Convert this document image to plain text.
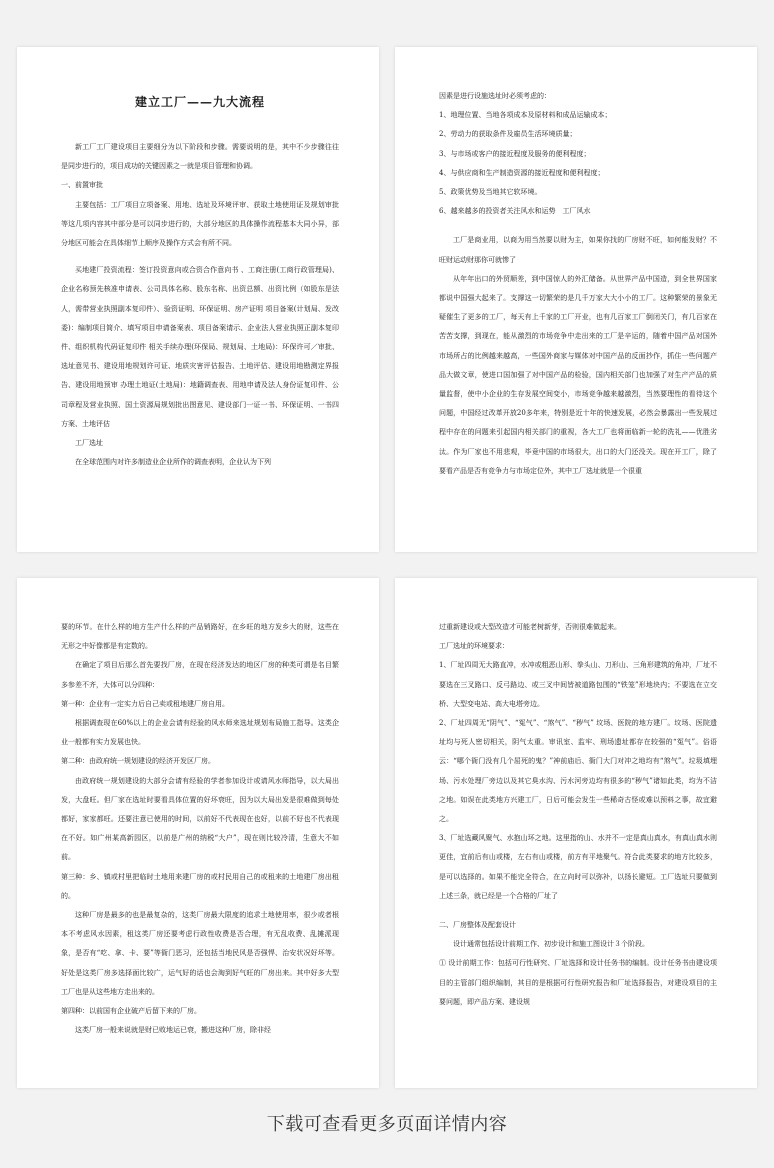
建立工厂——九大流程

新工厂工厂建设项目主要细分为以下阶段和步骤。需要说明的是，其中不少步骤往往是同步进行的，项目成功的关键因素之一就是项目管理和协调。

一、前置审批

主要包括：工厂项目立项备案、用地、选址及环境评审、获取土地使用证及规划审批等这几项内容其中部分是可以同步进行的，大部分地区的具体操作流程基本大同小异，部分地区可能会在具体细节上顺序及操作方式会有所不同。

买地建厂投资流程：签订投资意向或合资合作意向书 、工商注册(工商行政管理局)、企业名称预先核准申请表、公司具体名称、股东名称、出资总额、出资比例（如股东是法人，需带营业执照副本复印件）、验资证明、环保证明、房产证明 项目备案(计划局、发改委)：编制项目简介、填写项目申请备案表、项目备案请示、企业法人营业执照正副本复印件、组织机构代码证复印件 相关手续办理(环保局、规划局、土地局)：环保许可／审批、选址意见书、建设用地规划许可证、地质灾害评估报告、土地评估、建设用地勘测定界报告、建设用地预审 办理土地证(土地局)：地籍调查表、用地申请及法人身份证复印件、公司章程及营业执照、国土资源局规划批出图意见、建设部门一证一书、环保证明、一书四方案、土地评估

工厂选址

在全球范围内对许多制造业企业所作的调查表明，企业认为下列

因素是进行设施选址时必须考虑的：

1、地理位置、当地各项成本及原材料和成品运输成本；

2、劳动力的获取条件及雇员生活环境质量；

3、与市场或客户的接近程度及服务的便利程度；

4、与供应商和生产制造资源的接近程度和便利程度；

5、政策优势及当地其它软环境。

6、越来越多的投资者关注风水和运势　工厂风水

工厂是商业用，以商为用当然要以财为主，如果你找的厂房财不旺，如何能发财？不旺财运动财那你可就惨了

从年年出口的外贸顺差，到中国惊人的外汇储备。从世界产品中国造，到全世界国家都说中国强大起来了。支撑这一切繁荣的是几千万家大大小小的工厂。这种繁荣的景象无疑催生了更多的工厂，每天有上千家的工厂开业，也有几百家工厂倒闭关门，有几百家在苦苦支撑，到现在，能从激烈的市场竞争中走出来的工厂是辛运的，随着中国产品对国外市场所占的比例越来越高，一些国外商家与媒体对中国产品的反面抄作，抓住一些问题产品大做文章，使进口国加强了对中国产品的检验，国内相关部门也加强了对生产产品的质量监督，使中小企业的生存发展空间变小，市场竞争越来越激烈，当然要理性的看待这个问题，中国经过改革开放20多年来，特别是近十年的快速发展，必然会暴露出一些发展过程中存在的问题来引起国内相关部门的重视，各大工厂也将面临新一轮的洗礼——优胜劣汰。作为厂家也不用悲观，毕竟中国的市场很大，出口的大门还没关。现在开工厂，除了要看产品是否有竞争力与市场定位外，其中工厂选址就是一个很重

要的环节。在什么样的地方生产什么样的产品销路好，在乡旺的地方发乡大的财，这些在无形之中好像都是有定数的。

在确定了项目后那么首先要找厂房，在现在经济发达的地区厂房的种类可谓是名目繁多参差不齐，大体可以分四种：

第一种：企业有一定实力后自己卖或租地建厂房自用。

根据调查现在60%以上的企业会请有经验的风水师来选址规划布局施工指导。这类企业一般都有实力发展也快。

第二种：由政府统一规划建设的经济开发区厂房。

由政府统一规划建设的大部分会请有经验的学者参加设计或请风水师指导，以大局出发，大盘旺。但厂家在选址时要看具体位置的好坏衰旺，因为以大局出发是很难做到每处都好，家家都旺。还要注意已使用的时间，以前好不代表现在也好，以前不好也不代表现在不好。如广州某高新园区，以前是广州的纳税“大户”，现在则比较冷清，生意大不如前。

第三种：乡、镇或村里把临时土地用来建厂房的或村民用自己的或租来的土地建厂房出租的。

这种厂房是最多的也是最复杂的，这类厂房最大限度的追求土地使用率，很少或者根本不考虑风水因素，租这类厂房还要考虑行政性收费是否合理，有无乱收费、乱摊派现象，是否有“吃、拿、卡、要”等衙门恶习，还包括当地民风是否强悍、治安状况好坏等。好处是这类厂房多选择面比较广，运气好的话也会淘到好气旺的厂房出来。其中好多大型工厂也是从这些地方走出来的。

第四种：以前国有企业破产后留下来的厂房。

这类厂房一般来说就是财已败地运已衰，搬进这种厂房，除非经

过重新建设或大型改造才可能老树新芽，否则很难做起来。

工厂选址的环境要求：

1、厂址四周无大路直冲，水冲或粗恶山形、拳头山、刀形山、三角形建筑的角冲，厂址不要选在三叉路口、反弓路边、或三叉中间皆被道路包围的“铁笼”形地块内；不要选在立交桥、大型变电站、高大电塔旁边。

2、厂址四周无“阴气”、“冤气”、“煞气”、“秽气” 坟场、医院的地方建厂。坟场、医院遗址均与死人密切相关，阴气太重。审讯室、监牢、刑场遗址都存在较强的“冤气”。俗语云：“哪个衙门没有几个屈死的鬼？”神前庙后、衙门大门对冲之地均有“煞气”。垃圾填埋场、污水处理厂旁边以及其它臭水沟、污水河旁边均有很多的“秽气”诸如此类，均为不洁之地。如误在此类地方兴建工厂，日后可能会发生一些稀奇古怪或难以预料之事，故宜避之。

3、厂址选藏风聚气、水抱山环之地。这里指的山、水并不一定是真山真水，有真山真水则更佳，宜前后有山或楼，左右有山或楼，前方有平地聚气。符合此类要求的地方比较多，是可以选择的。如果不能完全符合，在立向时可以弥补，以扬长避短。工厂选址只要做到上述三条，就已经是一个合格的厂址了

二、厂房整体及配套设计

设计通常包括设计前期工作、初步设计和施工图设计３个阶段。

① 设计前期工作：包括可行性研究、厂址选择和设计任务书的编制。设计任务书由建设项目的主管部门组织编制，其目的是根据可行性研究报告和厂址选择报告，对建设项目的主要问题，即产品方案、建设规

下载可查看更多页面详情内容
